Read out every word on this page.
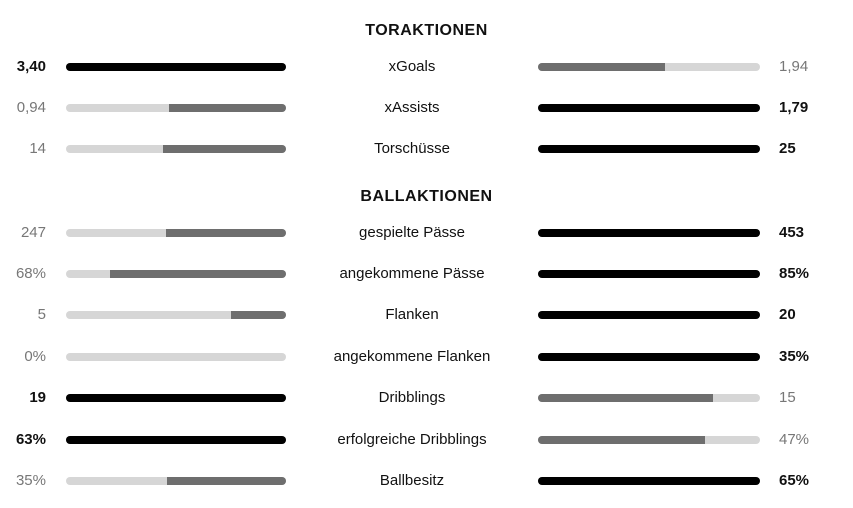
TORAKTIONEN
3,40	xGoals	1,94
0,94	xAssists	1,79
14	Torschüsse	25
BALLAKTIONEN
247	gespielte Pässe	453
68%	angekommene Pässe	85%
5	Flanken	20
0%	angekommene Flanken	35%
19	Dribblings	15
63%	erfolgreiche Dribblings	47%
35%	Ballbesitz	65%
